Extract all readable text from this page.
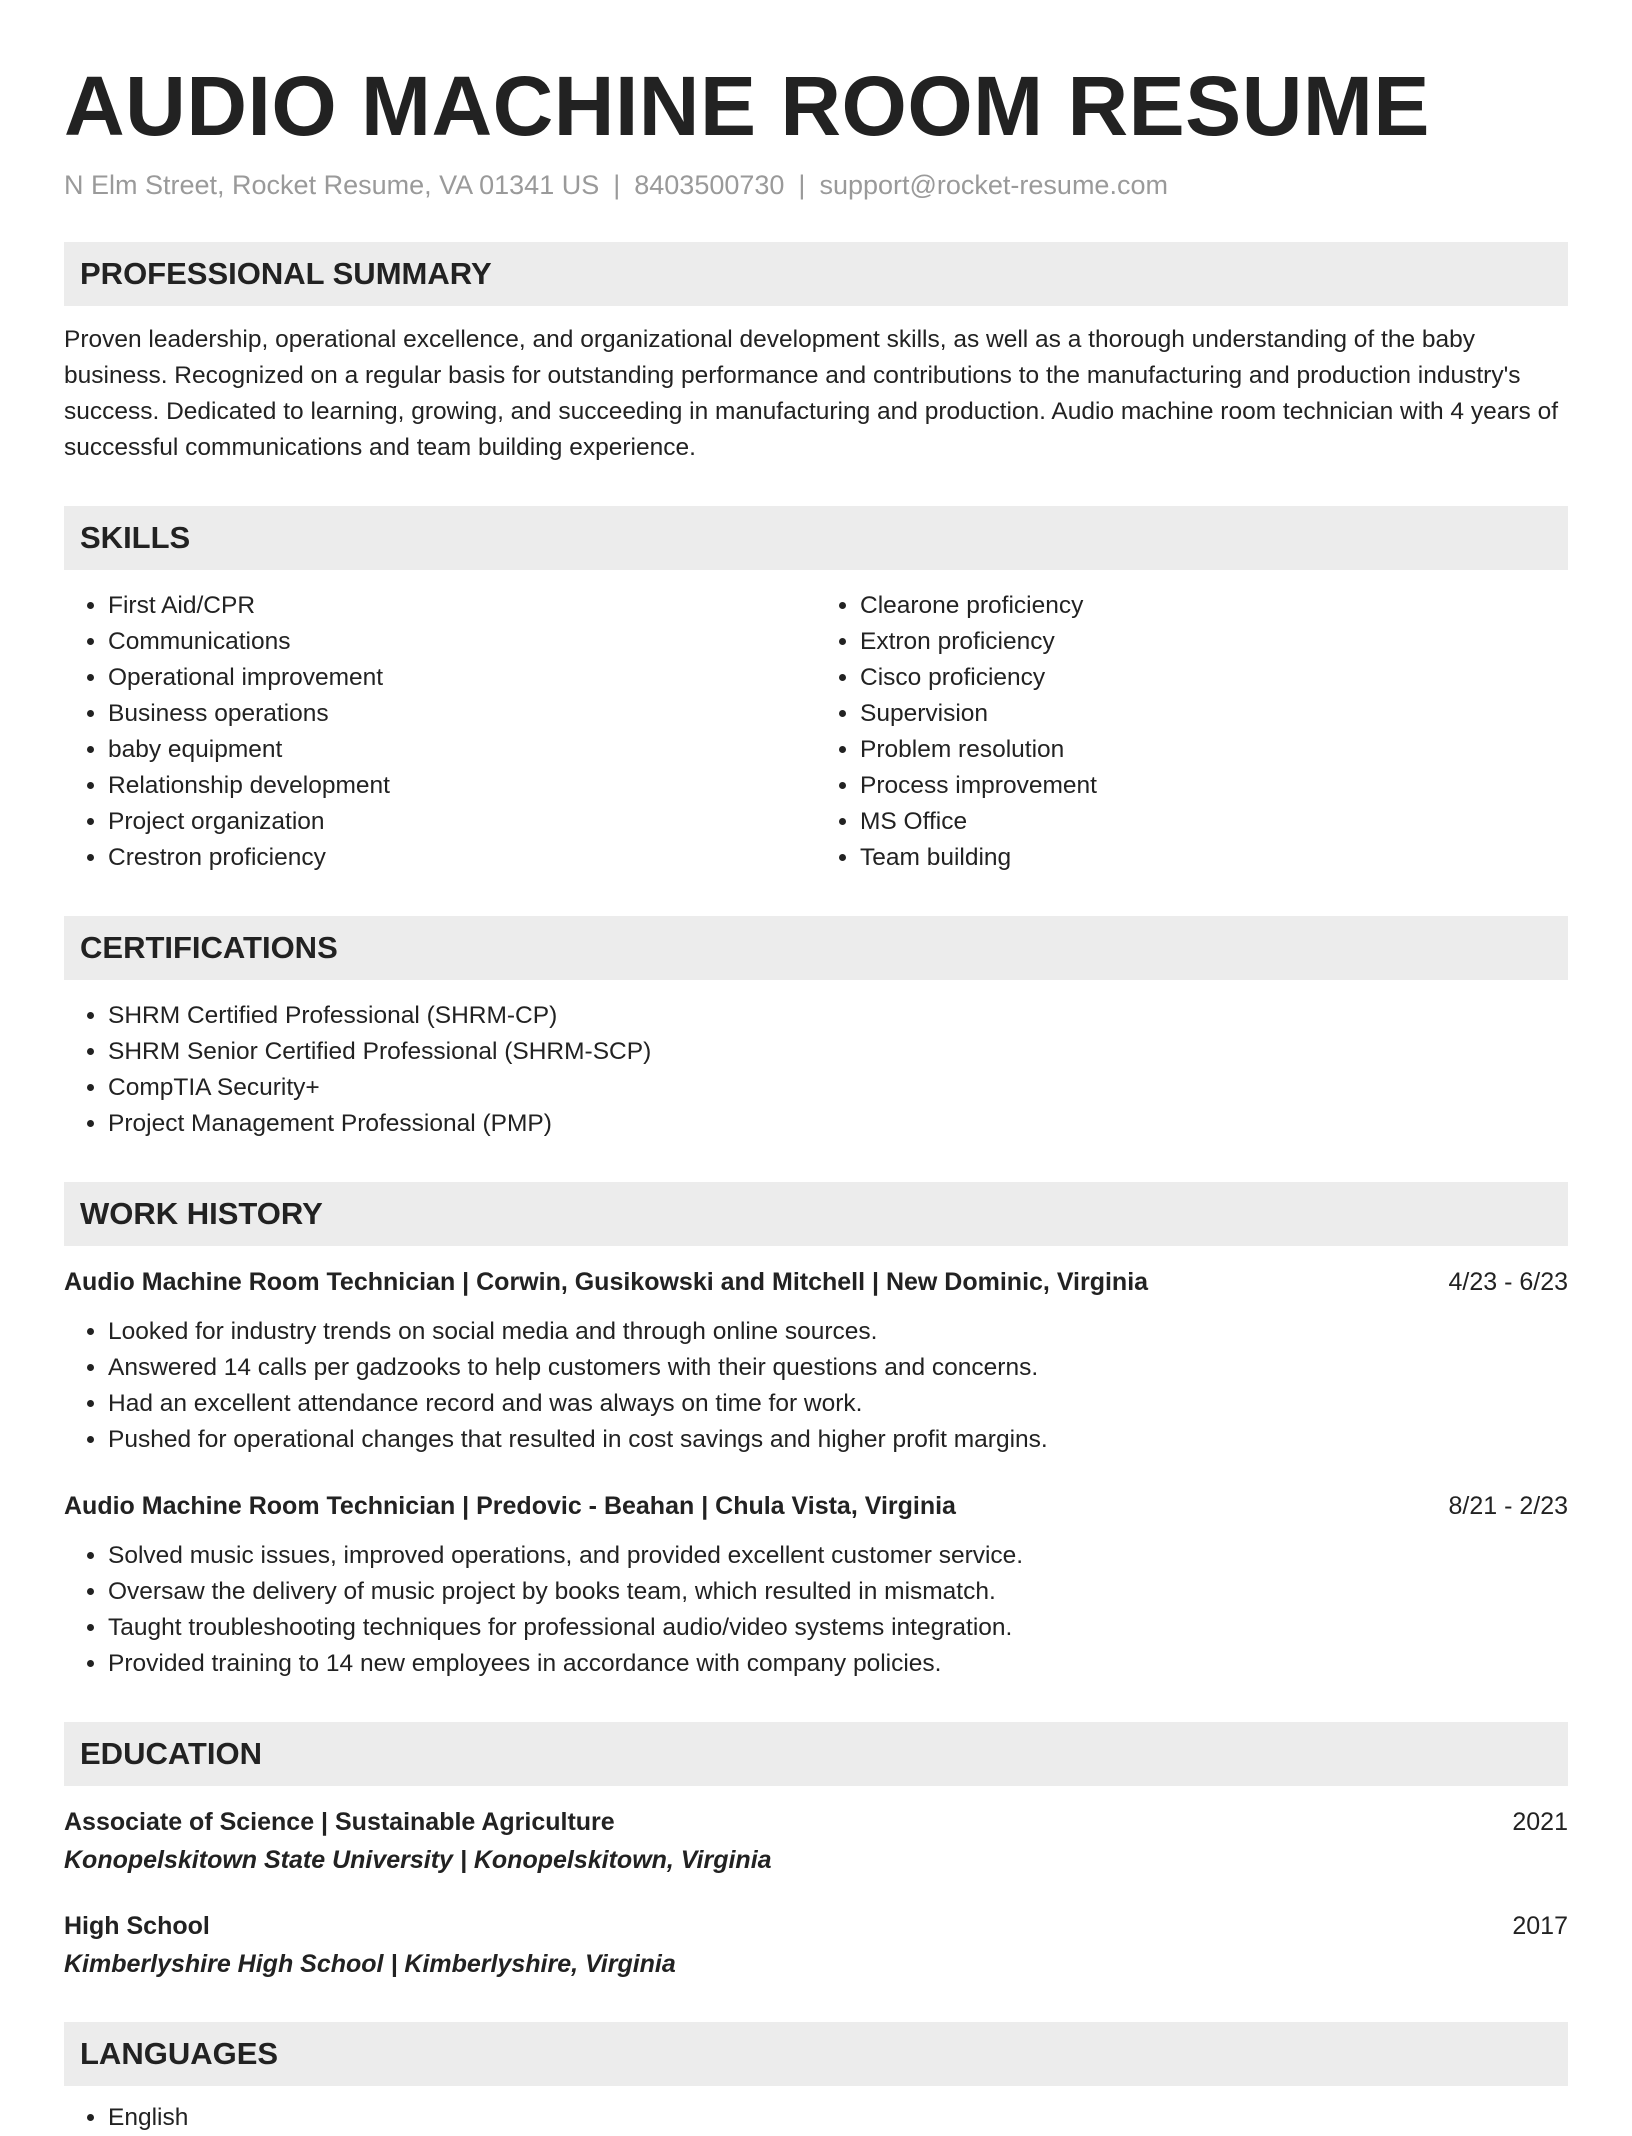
AUDIO MACHINE ROOM RESUME
N Elm Street, Rocket Resume, VA 01341 US | 8403500730 | support@rocket-resume.com
PROFESSIONAL SUMMARY
Proven leadership, operational excellence, and organizational development skills, as well as a thorough understanding of the baby business. Recognized on a regular basis for outstanding performance and contributions to the manufacturing and production industry's success. Dedicated to learning, growing, and succeeding in manufacturing and production. Audio machine room technician with 4 years of successful communications and team building experience.
SKILLS
• First Aid/CPR
• Communications
• Operational improvement
• Business operations
• baby equipment
• Relationship development
• Project organization
• Crestron proficiency
• Clearone proficiency
• Extron proficiency
• Cisco proficiency
• Supervision
• Problem resolution
• Process improvement
• MS Office
• Team building
CERTIFICATIONS
• SHRM Certified Professional (SHRM-CP)
• SHRM Senior Certified Professional (SHRM-SCP)
• CompTIA Security+
• Project Management Professional (PMP)
WORK HISTORY
Audio Machine Room Technician | Corwin, Gusikowski and Mitchell | New Dominic, Virginia	4/23 - 6/23
• Looked for industry trends on social media and through online sources.
• Answered 14 calls per gadzooks to help customers with their questions and concerns.
• Had an excellent attendance record and was always on time for work.
• Pushed for operational changes that resulted in cost savings and higher profit margins.
Audio Machine Room Technician | Predovic - Beahan | Chula Vista, Virginia	8/21 - 2/23
• Solved music issues, improved operations, and provided excellent customer service.
• Oversaw the delivery of music project by books team, which resulted in mismatch.
• Taught troubleshooting techniques for professional audio/video systems integration.
• Provided training to 14 new employees in accordance with company policies.
EDUCATION
Associate of Science | Sustainable Agriculture	2021
Konopelskitown State University | Konopelskitown, Virginia
High School	2017
Kimberlyshire High School | Kimberlyshire, Virginia
LANGUAGES
• English
